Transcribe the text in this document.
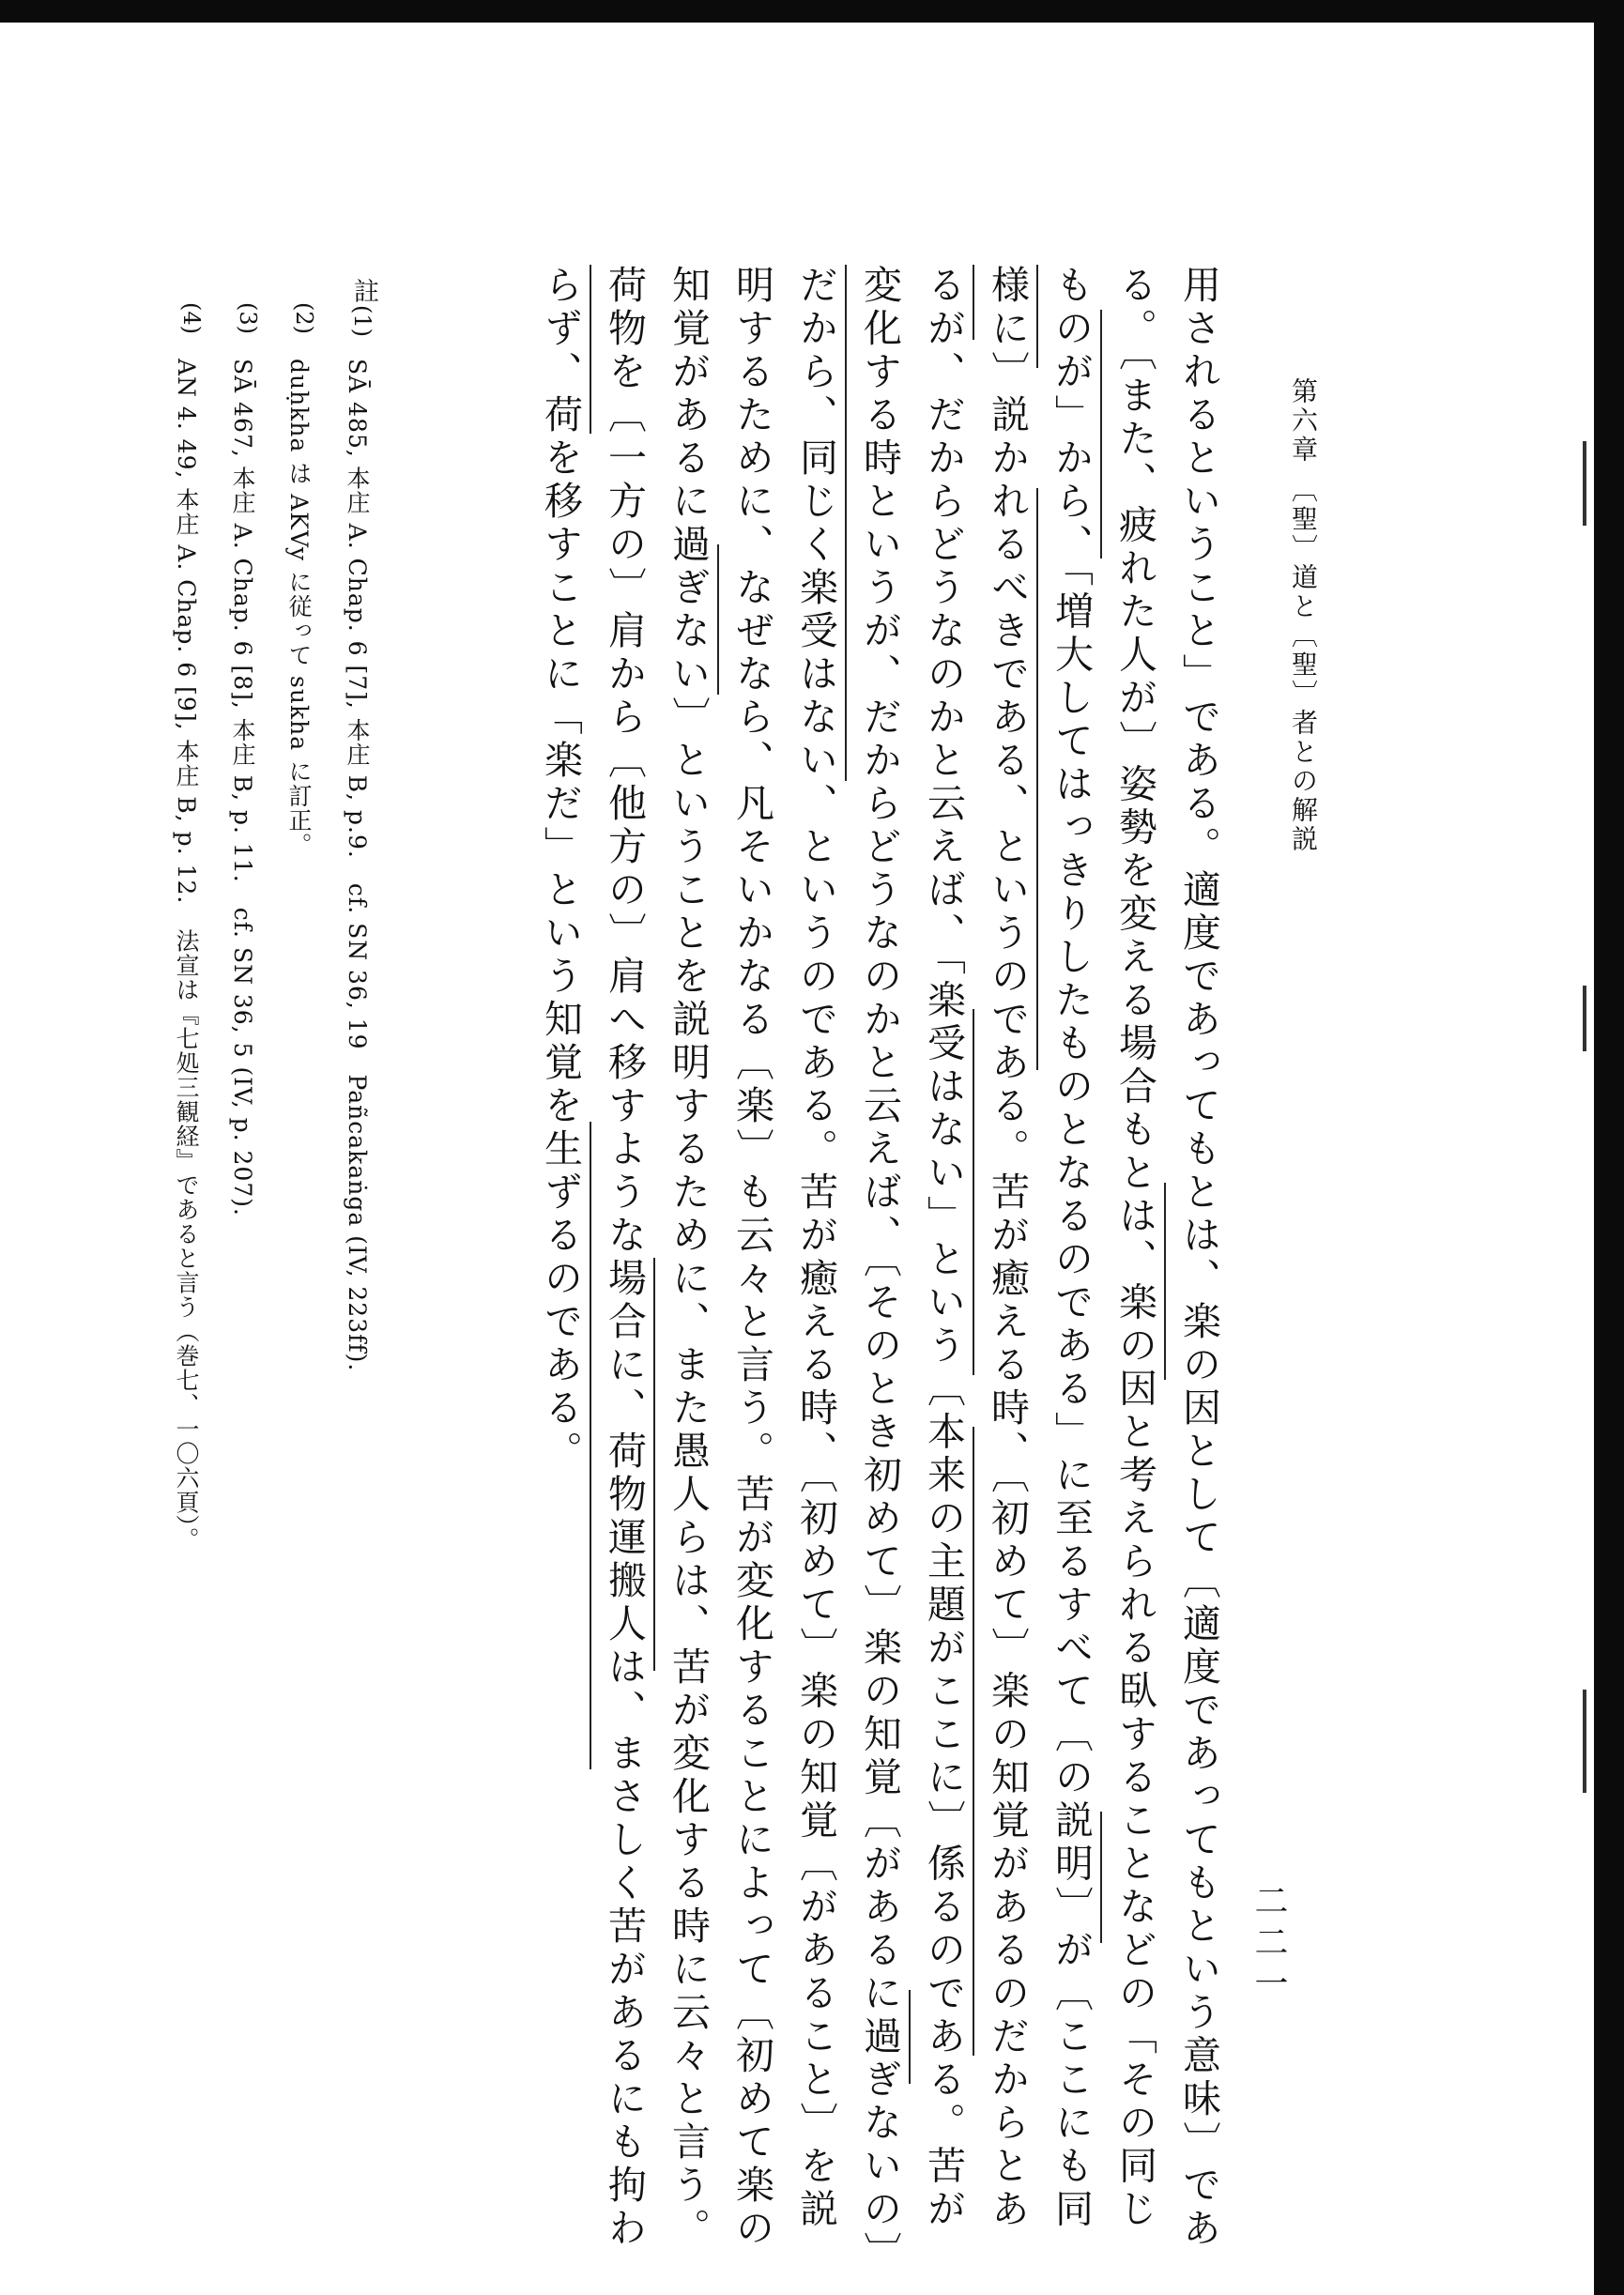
第六章 〔聖〕道と〔聖〕者との解説
二二一
用されるということ」である。適度であってもとは、楽の因として〔適度であってもという意味〕であ
る。〔また、疲れた人が〕姿勢を変える場合もとは、楽の因と考えられる臥することなどの「その同じ
ものが」から、「増大してはっきりしたものとなるのである」に至るすべて〔の説明〕が〔ここにも同
様に〕説かれるべきである、というのである。苦が癒える時、〔初めて〕楽の知覚があるのだからとあ
るが、だからどうなのかと云えば、「楽受はない」という〔本来の主題がここに〕係るのである。苦が
変化する時というが、だからどうなのかと云えば、〔そのとき初めて〕楽の知覚〔があるに過ぎないの〕
だから、同じく楽受はない、というのである。苦が癒える時、〔初めて〕楽の知覚〔があること〕を説
明するために、なぜなら、凡そいかなる〔楽〕も云々と言う。苦が変化することによって〔初めて楽の
知覚があるに過ぎない〕ということを説明するために、また愚人らは、苦が変化する時に云々と言う。
荷物を〔一方の〕肩から〔他方の〕肩へ移すような場合に、荷物運搬人は、まさしく苦があるにも拘わ
らず、荷を移すことに「楽だ」という知覚を生ずるのである。
註
(1)
SĀ 485, 本庄 A. Chap. 6 [7], 本庄 B, p.9.　cf. SN 36, 19　Pañcakaṅga (IV, 223ff).
(2)
duḥkha は AKVy に従って sukha に訂正。
(3)
SĀ 467, 本庄 A. Chap. 6 [8], 本庄 B, p. 11.　cf. SN 36, 5 (IV, p. 207).
(4)
AN 4. 49, 本庄 A. Chap. 6 [9], 本庄 B, p. 12.　法宣は『七処三観経』であると言う（巻七、一〇六頁）。
